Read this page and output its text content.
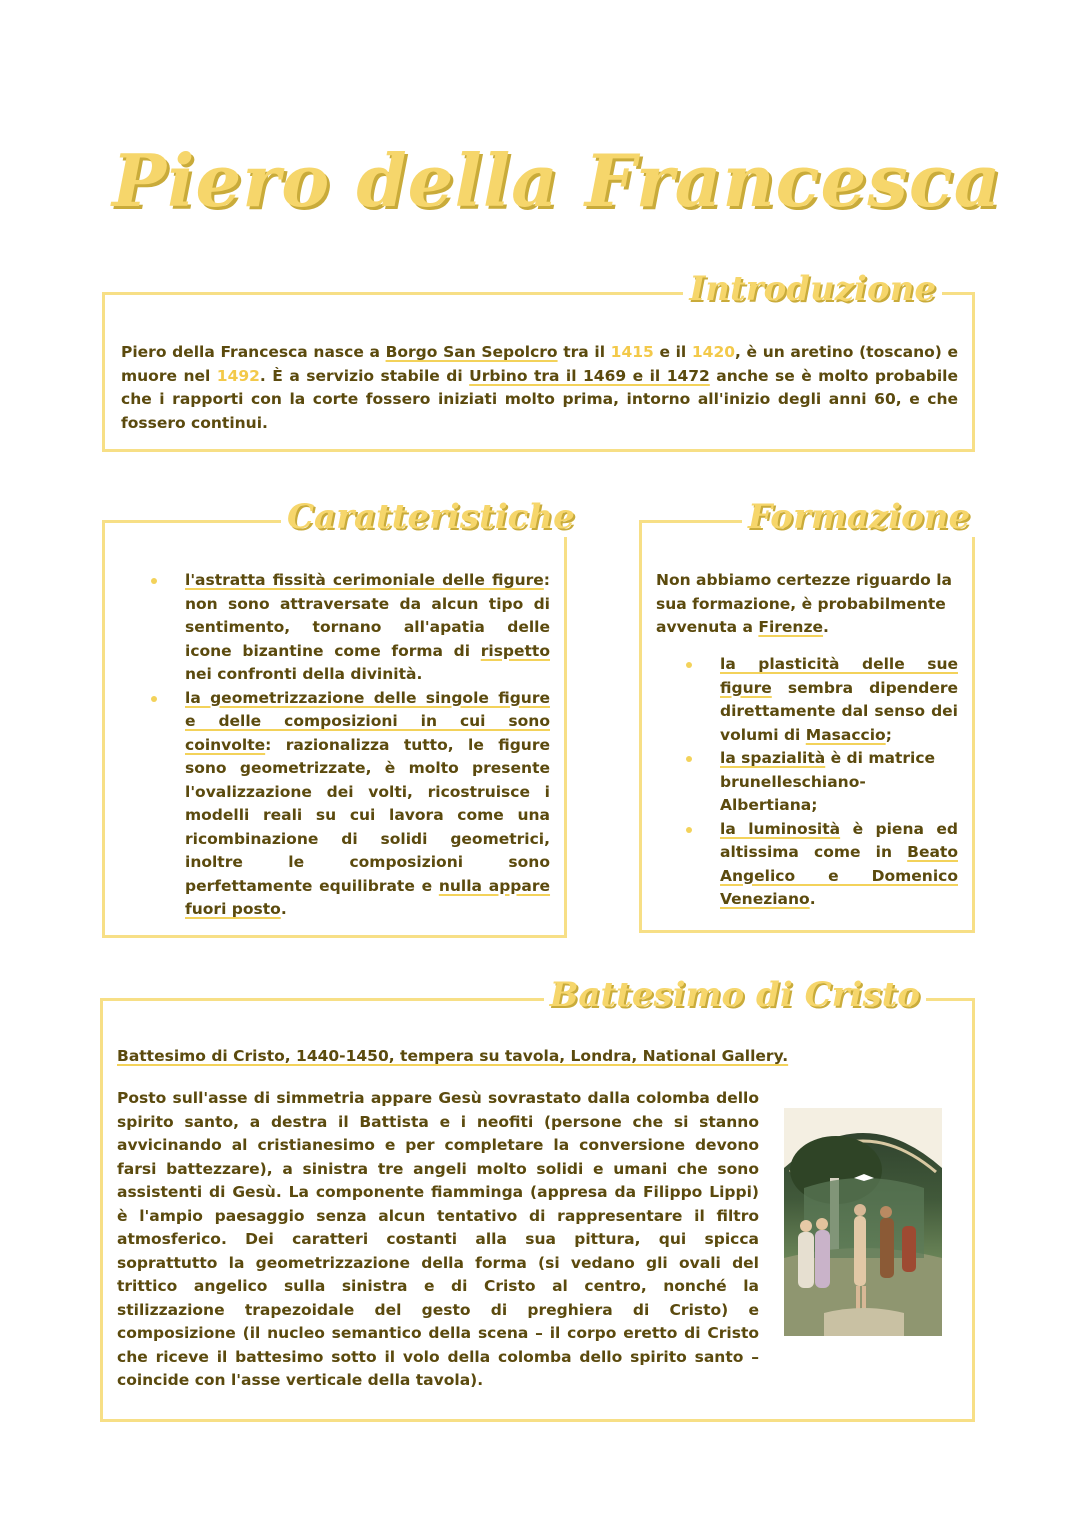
Piero della Francesca
Introduzione

Piero della Francesca nasce a Borgo San Sepolcro tra il 1415 e il 1420, è un aretino (toscano) e muore nel 1492. È a servizio stabile di Urbino tra il 1469 e il 1472 anche se è molto probabile che i rapporti con la corte fossero iniziati molto prima, intorno all'inizio degli anni 60, e che fossero continui.

Caratteristiche
l'astratta fissità cerimoniale delle figure: non sono attraversate da alcun tipo di sentimento, tornano all'apatia delle icone bizantine come forma di rispetto nei confronti della divinità.
la geometrizzazione delle singole figure e delle composizioni in cui sono coinvolte: razionalizza tutto, le figure sono geometrizzate, è molto presente l'ovalizzazione dei volti, ricostruisce i modelli reali su cui lavora come una ricombinazione di solidi geometrici, inoltre le composizioni sono perfettamente equilibrate e nulla appare fuori posto.
Formazione

Non abbiamo certezze riguardo la sua formazione, è probabilmente avvenuta a Firenze.

la plasticità delle sue figure sembra dipendere direttamente dal senso dei volumi di Masaccio;
la spazialità è di matrice brunelleschiano-Albertiana;
la luminosità è piena ed altissima come in Beato Angelico e Domenico Veneziano.
Battesimo di Cristo

Battesimo di Cristo, 1440-1450, tempera su tavola, Londra, National Gallery.

Posto sull'asse di simmetria appare Gesù sovrastato dalla colomba dello spirito santo, a destra il Battista e i neofiti (persone che si stanno avvicinando al cristianesimo e per completare la conversione devono farsi battezzare), a sinistra tre angeli molto solidi e umani che sono assistenti di Gesù. La componente fiamminga (appresa da Filippo Lippi) è l'ampio paesaggio senza alcun tentativo di rappresentare il filtro atmosferico. Dei caratteri costanti alla sua pittura, qui spicca soprattutto la geometrizzazione della forma (si vedano gli ovali del trittico angelico sulla sinistra e di Cristo al centro, nonché la stilizzazione trapezoidale del gesto di preghiera di Cristo) e composizione (il nucleo semantico della scena – il corpo eretto di Cristo che riceve il battesimo sotto il volo della colomba dello spirito santo – coincide con l'asse verticale della tavola).
